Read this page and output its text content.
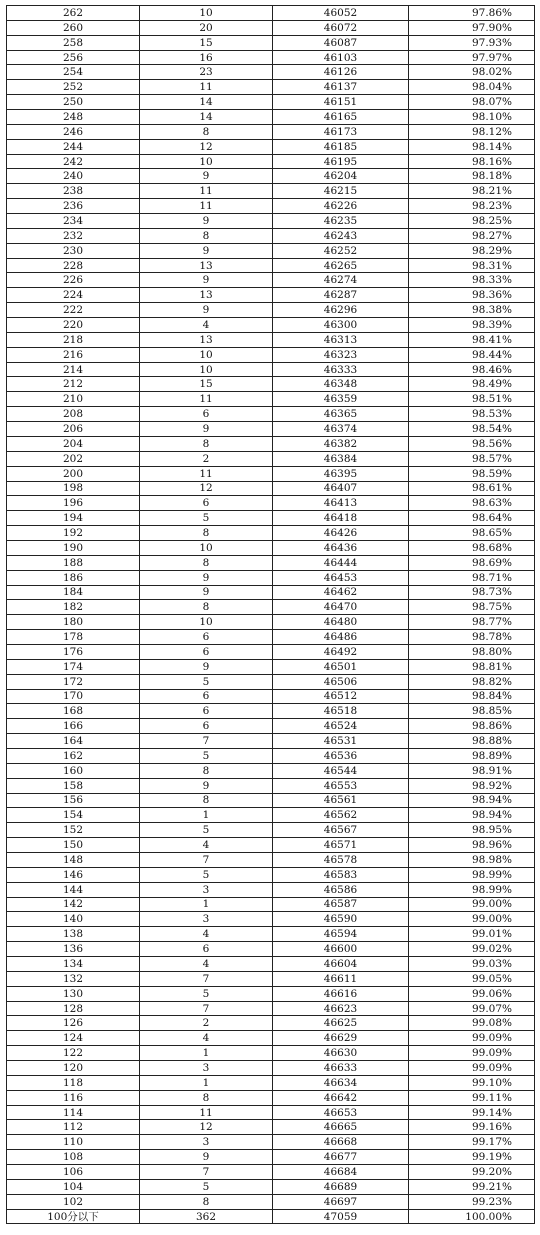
262	10	46052	97.86%
260	20	46072	97.90%
258	15	46087	97.93%
256	16	46103	97.97%
254	23	46126	98.02%
252	11	46137	98.04%
250	14	46151	98.07%
248	14	46165	98.10%
246	8	46173	98.12%
244	12	46185	98.14%
242	10	46195	98.16%
240	9	46204	98.18%
238	11	46215	98.21%
236	11	46226	98.23%
234	9	46235	98.25%
232	8	46243	98.27%
230	9	46252	98.29%
228	13	46265	98.31%
226	9	46274	98.33%
224	13	46287	98.36%
222	9	46296	98.38%
220	4	46300	98.39%
218	13	46313	98.41%
216	10	46323	98.44%
214	10	46333	98.46%
212	15	46348	98.49%
210	11	46359	98.51%
208	6	46365	98.53%
206	9	46374	98.54%
204	8	46382	98.56%
202	2	46384	98.57%
200	11	46395	98.59%
198	12	46407	98.61%
196	6	46413	98.63%
194	5	46418	98.64%
192	8	46426	98.65%
190	10	46436	98.68%
188	8	46444	98.69%
186	9	46453	98.71%
184	9	46462	98.73%
182	8	46470	98.75%
180	10	46480	98.77%
178	6	46486	98.78%
176	6	46492	98.80%
174	9	46501	98.81%
172	5	46506	98.82%
170	6	46512	98.84%
168	6	46518	98.85%
166	6	46524	98.86%
164	7	46531	98.88%
162	5	46536	98.89%
160	8	46544	98.91%
158	9	46553	98.92%
156	8	46561	98.94%
154	1	46562	98.94%
152	5	46567	98.95%
150	4	46571	98.96%
148	7	46578	98.98%
146	5	46583	98.99%
144	3	46586	98.99%
142	1	46587	99.00%
140	3	46590	99.00%
138	4	46594	99.01%
136	6	46600	99.02%
134	4	46604	99.03%
132	7	46611	99.05%
130	5	46616	99.06%
128	7	46623	99.07%
126	2	46625	99.08%
124	4	46629	99.09%
122	1	46630	99.09%
120	3	46633	99.09%
118	1	46634	99.10%
116	8	46642	99.11%
114	11	46653	99.14%
112	12	46665	99.16%
110	3	46668	99.17%
108	9	46677	99.19%
106	7	46684	99.20%
104	5	46689	99.21%
102	8	46697	99.23%
100分以下	362	47059	100.00%
